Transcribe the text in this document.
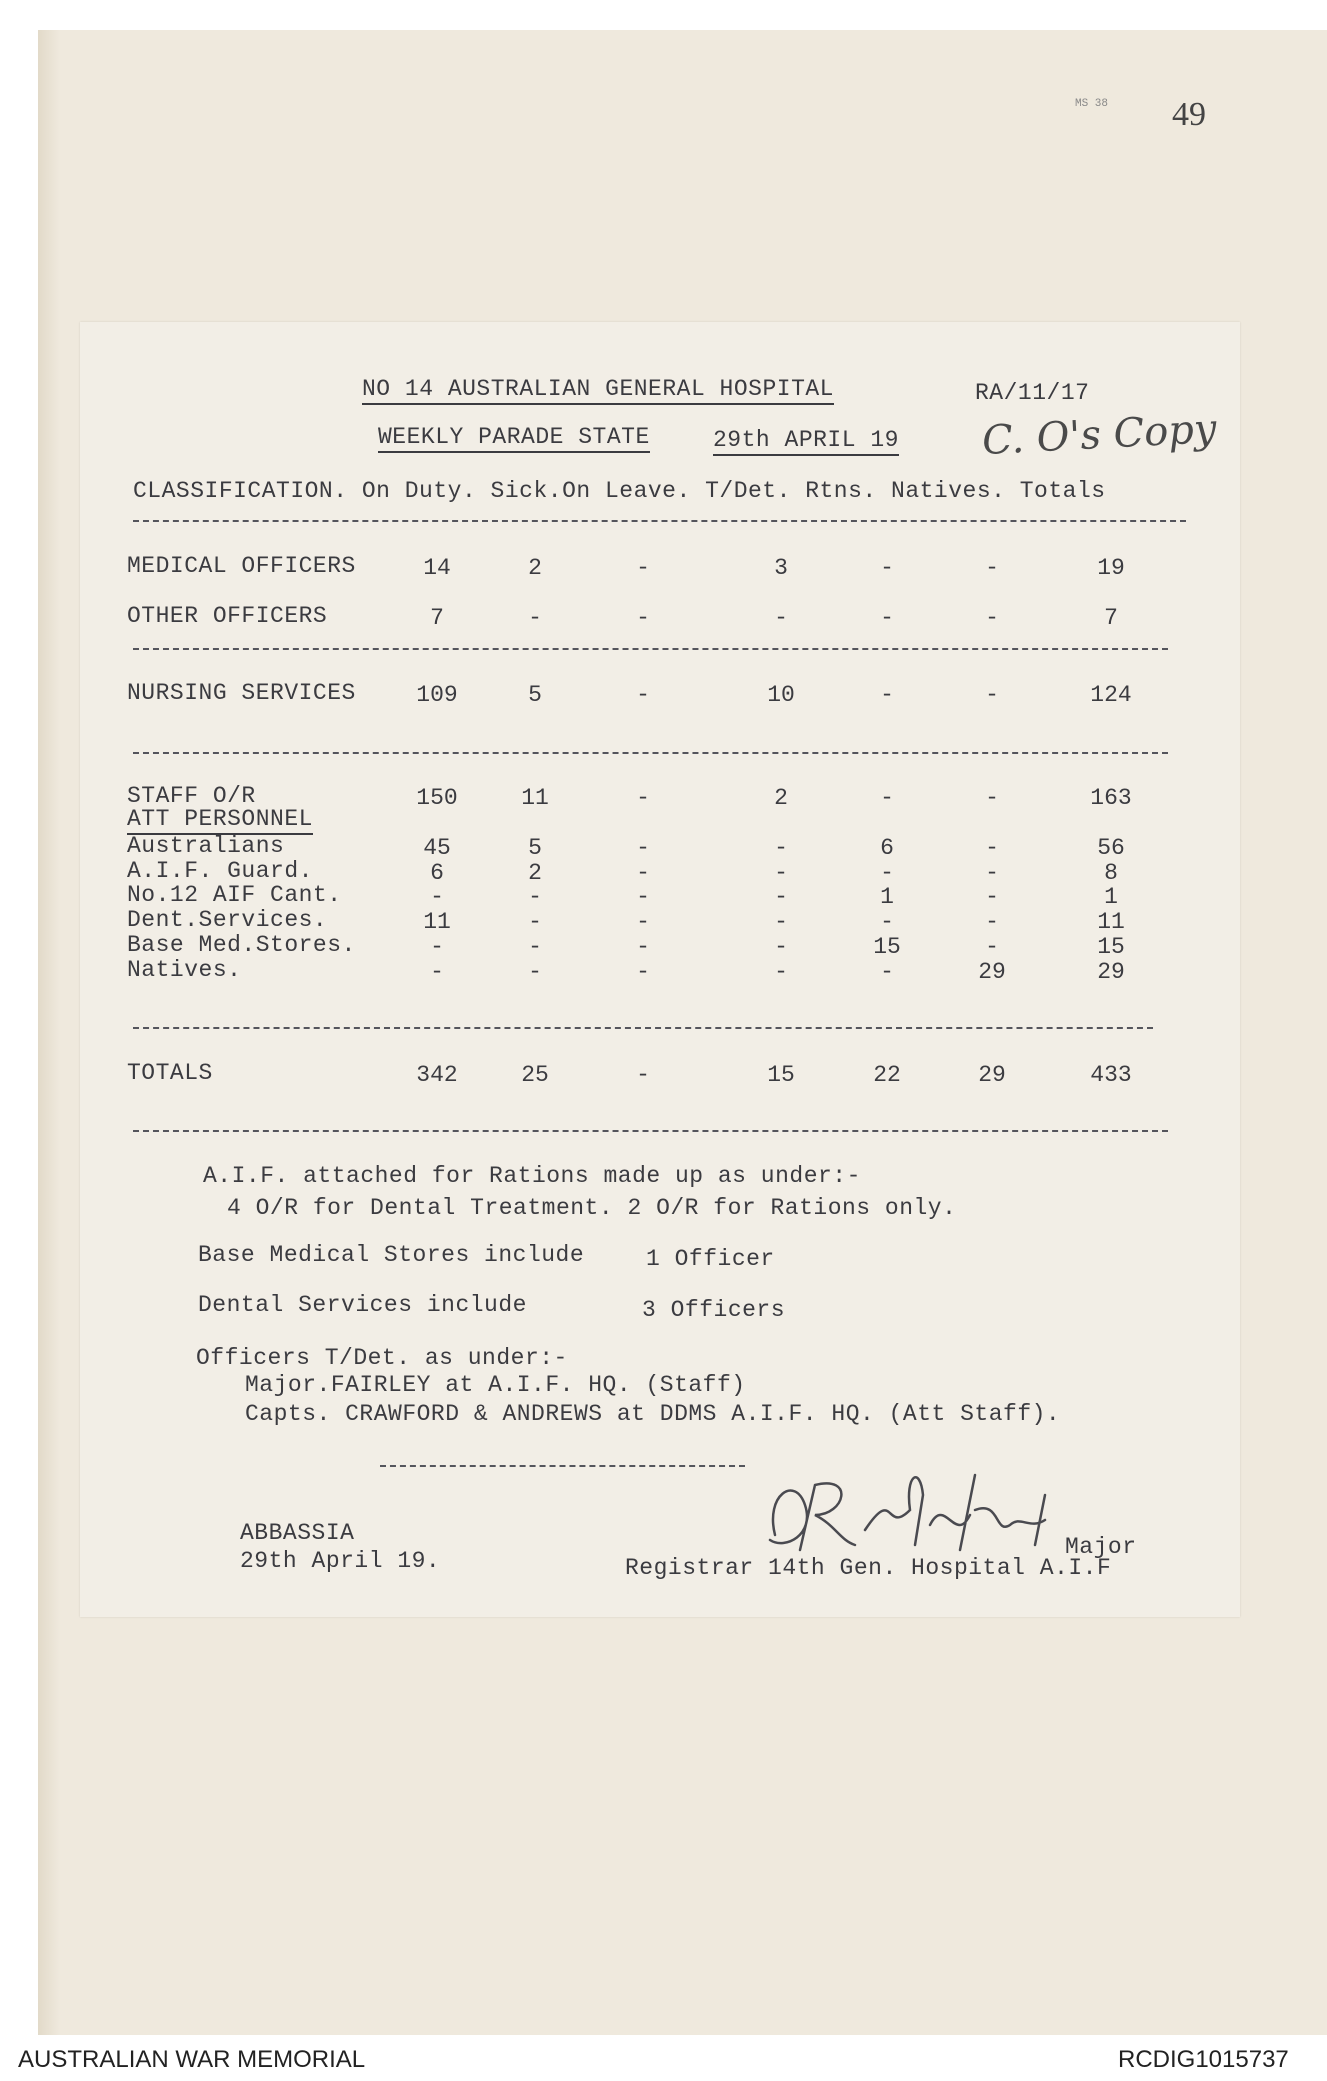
MS 38 49
NO 14 AUSTRALIAN GENERAL HOSPITAL	RA/11/17
WEEKLY PARADE STATE	29th APRIL 19 C. O's Copy
CLASSIFICATION. On Duty. Sick.On Leave. T/Det. Rtns. Natives. Totals
MEDICAL OFFICERS	14	2	-	3	-	-	19
OTHER OFFICERS	7	-	-	-	-	-	7
NURSING SERVICES	109	5	-	10	-	-	124
STAFF O/R	150	11	-	2	-	-	163
ATT PERSONNEL
Australians	45	5	-	-	6	-	56
A.I.F. Guard.	6	2	-	-	-	-	8
No.12 AIF Cant.	-	-	-	-	1	-	1
Dent.Services.	11	-	-	-	-	-	11
Base Med.Stores.	-	-	-	-	15	-	15
Natives.	-	-	-	-	-	29	29
TOTALS	342	25	-	15	22	29	433
A.I.F. attached for Rations made up as under:-
4 O/R for Dental Treatment. 2 O/R for Rations only.
Base Medical Stores include	1 Officer
Dental Services include	3 Officers
Officers T/Det. as under:-
Major.FAIRLEY at A.I.F. HQ. (Staff)
Capts. CRAWFORD & ANDREWS at DDMS A.I.F. HQ. (Att Staff).
ABBASSIA
29th April 19.
Major
Registrar 14th Gen. Hospital A.I.F
AUSTRALIAN WAR MEMORIAL	RCDIG1015737
